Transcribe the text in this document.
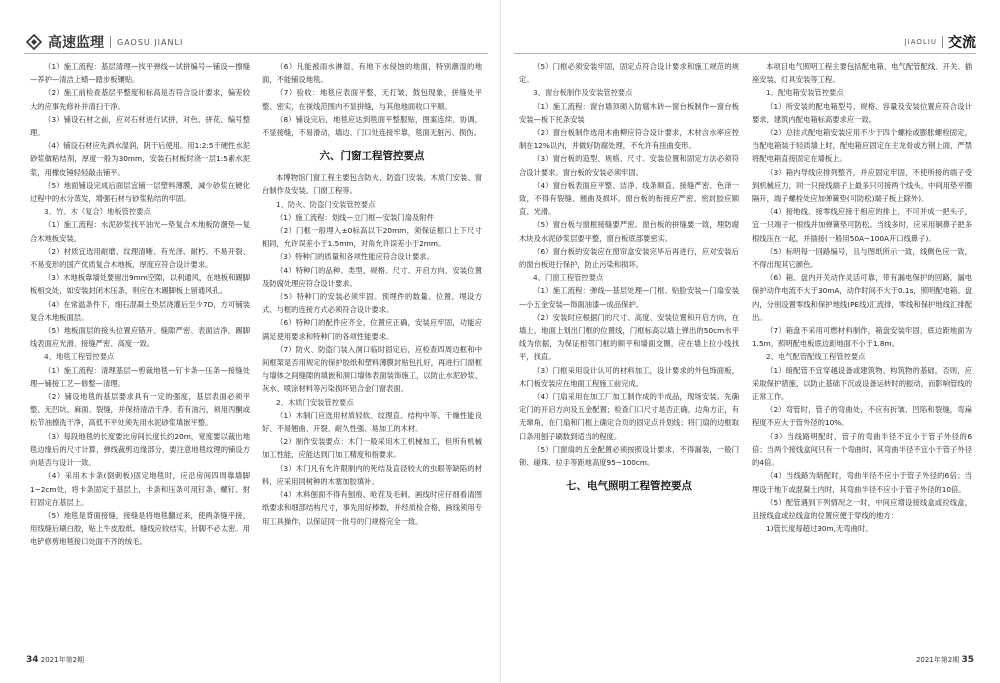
高速监理 GAOSU JIANLI	JIAOLIU 交流

（1）施工流程：基层清理—找平弹线—试拼编号—铺设—擦缝—养护—清洁上蜡—踏步板镶贴。

（2）施工前检查基层平整度和标高是否符合设计要求，偏差较大的应事先修补并清扫干净。

（3）铺设石材之前，应对石材进行试拼，对色、拼花、编号整理。

（4）铺设石材应先洒水湿润，阴干后使用。用1:2:5干硬性水泥砂浆做粘结剂，厚度一般为30mm，安装石材板时浇一层1:5素水泥浆，用橡皮锤轻轻敲击铺平。

（5）地面铺设完成后面层宜铺一层塑料薄膜，减少砂浆在硬化过程中的水分蒸发，增强石材与砂浆粘结的牢固。

3、竹、木（复合）地板管控要点

（1）施工流程：水泥砂浆找平油光—垫复合木地板防潮垫—复合木地板安装。

（2）材质宜选用耐磨、纹理清晰、有光泽、耐朽、不易开裂、不易变形的国产优质复合木地板，厚度应符合设计要求。

（3）木地板靠墙处要留出9mm空隙，以利通风，在地板和踢脚板相交处，如安装封闭木压条，则应在木踢脚板上留通风孔。

（4）在常温条件下，细石混凝土垫层浇灌后至少7D，方可铺装复合木地板面层。

（5）地板面层的接头位置应错开、缝隙严密、表面洁净，踢脚线表面应光滑、接缝严密、高度一致。

4、地毯工程管控要点

（1）施工流程：清理基层—剪裁地毯—钉卡条—压条—接缝处理—铺接工艺—修整—清理。

（2）铺设地毯的基层要求具有一定的强度，基层表面必须平整、无凹坑、麻面、裂缝，并保持清洁干净。若有油污，须用丙酮或松节油擦洗干净，高低不平处须先用水泥砂浆填嵌平整。

（3）每段地毯的长度要比房间长度长约20m，宽度要以裁出地毯边缘后的尺寸计算，弹线裁剪边缘部分，要注意地毯纹理的铺设方向是否与设计一致。

（4）采用木卡条(倒刺板)固定地毯时，应沿房间四周靠墙脚1~2cm处，将卡条固定于基层上，卡条和压条可用钉条、螺钉、射钉固定在基层上。

（5）地毯是背面接缝，接缝是将地毯翻过来，使两条缝平接，用线缝后刷白胶，贴上牛皮胶纸。缝线应较结实，针脚不必太密。用电铲修剪地毯接口处面不齐的绒毛。

（6）凡能被雨水淋湿、有地下水侵蚀的地面，特别潮湿的地面，不能铺设地毯。

（7）验收：地毯应表面平整，无打皱、鼓包现象，拼缝处平整、密实，在视线范围内不显拼缝，与其他地面收口平顺。

（8）铺设完后，地毯应达到毯面平整服贴，图案连续、协调，不显接缝，不易滑动，墙边、门口处连接牢靠，毯面无脏污、损伤。

六、门窗工程管控要点

本博物馆门窗工程主要包含防火、防盗门安装、木质门安装、窗台制作及安装、门窗工程等。

1、防火、防盗门安装管控要点

（1）施工流程：划线—立门框—安装门扇及附件

（2）门框一般埋入±0标高以下20mm，须保证框口上下尺寸相同，允许误差小于1.5mm，对角允许误差小于2mm。

（3）特种门的质量和各项性能应符合设计要求。

（4）特种门的品种、类型、规格、尺寸、开启方向、安装位置及防腐处理应符合设计要求。

（5）特种门的安装必须牢固。预埋件的数量、位置、埋设方式、与框的连接方式必须符合设计要求。

（6）特种门的配件应齐全，位置应正确，安装应牢固，功能应满足使用要求和特种门的各项性能要求。

（7）防火、防盗门装入洞口临时固定后，应检查四周边框和中间框架是否用规定的保护胶纸和塑料薄膜封贴包扎好，再进行门窗框与墙体之间缝隙的填嵌和洞口墙体表面装饰施工，以防止水泥砂浆、灰水、喷涂材料等污染损坏铝合金门窗表面。

2、木质门安装管控要点

（1）木制门应选用材质轻软、纹理直、结构中等、干燥性能良好、不易翘曲、开裂、耐久性强、易加工的木材。

（2）制作安装要点：木门一般采用木工机械加工，但所有机械加工性能，应能达到门加工精度和指要求。

（3）木门凡有允许限制内的死结及直径较大的虫眼等缺陷的材料，应采用同树种的木塞加胶填补。

（4）木料刨面不得有刨痕、呛茬及毛刺。画线时应仔细看清图纸要求和细部结构尺寸，事先用好棒数，并经质检合格，画线须用专用工具操作，以保证同一批号的门规格完全一致。

（5）门框必须安装牢固，固定点符合设计要求和施工规范的规定。

3、窗台板制作及安装管控要点

（1）施工流程：窗台墙顶砌入防腐木砖—窗台板制作—窗台板安装—板下托条安装

（2）窗台板制作选用木曲柳应符合设计要求，木材含水率应控制在12%以内，并做好防腐处理，不允许有扭曲变形。

（3）窗台板的造型、规格、尺寸、安装位置和固定方法必须符合设计要求。窗台板的安装必须牢固。

（4）窗台板表面应平整、洁净、线条顺直、接缝严密、色泽一致，不得有裂缝、翘曲及损坏。窗台板的衔接应严密、密封胶应顺直、光滑。

（5）窗台板与窗框接缝要严密。窗台板的拼缝要一致，埋防腐木块及水泥砂浆层要平整，窗台板底部要密实。

（6）窗台板的安装应在窗帘盒安装完毕后再进行，应对安装后的窗台板进行保护，防止污染和损坏。

4、门窗工程管控要点

（1）施工流程：弹线—基层处理—门框、贴脸安装—门扇安装—小五金安装—饰面油漆—成品保护。

（2）安装时应根据门的尺寸、高度、安装位置和开启方向，在墙上、地面上划出门框的位置线，门框标高以墙上弹出的50cm水平线为依据，为保证相邻门框的顺平和墙面交圈，应在墙上拉小线找平，找直。

（3）门框采用设计认可的材料加工，设计要求的外包饰面板，木门板安装应在地面工程施工前完成。

（4）门扇采用在加工厂加工制作成的半成品，现场安装。先确定门的开启方向及五金配置；检查门口尺寸是否正确，边角方正，有无窜角，在门扇和门框上确定合页的固定点并划线；将门扇的边框取口条用刨子刷数到适当的程度。

（5）门窗扇的五金配置必须按照设计要求，不得漏装，一般门锁、碰珠、拉手等距地高度95~100cm。

七、电气照明工程管控要点

本项目电气照明工程主要包括配电箱、电气配管配线、开关、插座安装、灯具安装等工程。

1、配电箱安装管控要点

（1）所安装的配电箱型号、规格、容量及安装位置应符合设计要求，建筑内配电箱标高要求应一致。

（2）总挂式配电箱安装应用不少于四个螺栓或膨胀螺栓固定，当配电箱装于轻质墙上时，配电箱应固定在主龙骨或方钢上面，严禁将配电箱直接固定在墙板上。

（3）箱内导线应排列整齐，并应固定牢固，不使所接的端子受到机械应力，同一只接线端子上最多只可接两个线头，中间用垫平圈隔开，端子螺栓处应加弹簧垫(可防松)端子板上除外)。

（4）接地线、接零线应接于相应的排上，不可并成一把头子，宜一只端子一根线并加弹簧垫可防松。当线多时，应采用铜鼻子把多根线压在一起，并插接(一般用50A~100A开口线鼻子)。

（5）标明每一回路编号，且与图纸所示一致，线侧色应一致，不得出现其它颜色。

（6）箱、盘内开关动作灵活可靠，带有漏电保护的回路，漏电保护动作电流不大于30mA，动作时间不大于0.1s，照明配电箱、盘内，分别设置零线和保护地线(PE线)汇流排，零线和保护地线汇排配出。

（7）箱盘不采用可燃材料制作，箱盘安装牢固，底边距地面为1.5m，照明配电板底边距地面不小于1.8m。

2、电气配管配线工程管控要点

（1）暗配管不宜穿越设备或建筑物、构筑物的基础，否则，应采取保护措施，以防止基础下沉或设备运转时的振动，而影响管线的正常工作。

（2）弯管时，管子的弯曲处，不应有折皱、凹陷和裂缝，弯扁程度不应大于管外径的10%。

（3）当线路明配时，管子的弯曲半径不宜小于管子外径的6倍；当两个接线盒间只有一个弯曲时，其弯曲半径不宜小于管子外径的4倍。

（4）当线路为暗配时，弯曲半径不应小于管子外径的6倍；当埋设于地下或混凝土内时，其弯曲半径不应小于管子外径的10倍。

（5）配管遇到下列情况之一时，中间应增设接线盒或拉线盒，且接线盒或拉线盒的位置应便于穿线的地方：

1)管长度每超过30m,无弯曲时。

34 2021年第2期	2021年第2期 35
